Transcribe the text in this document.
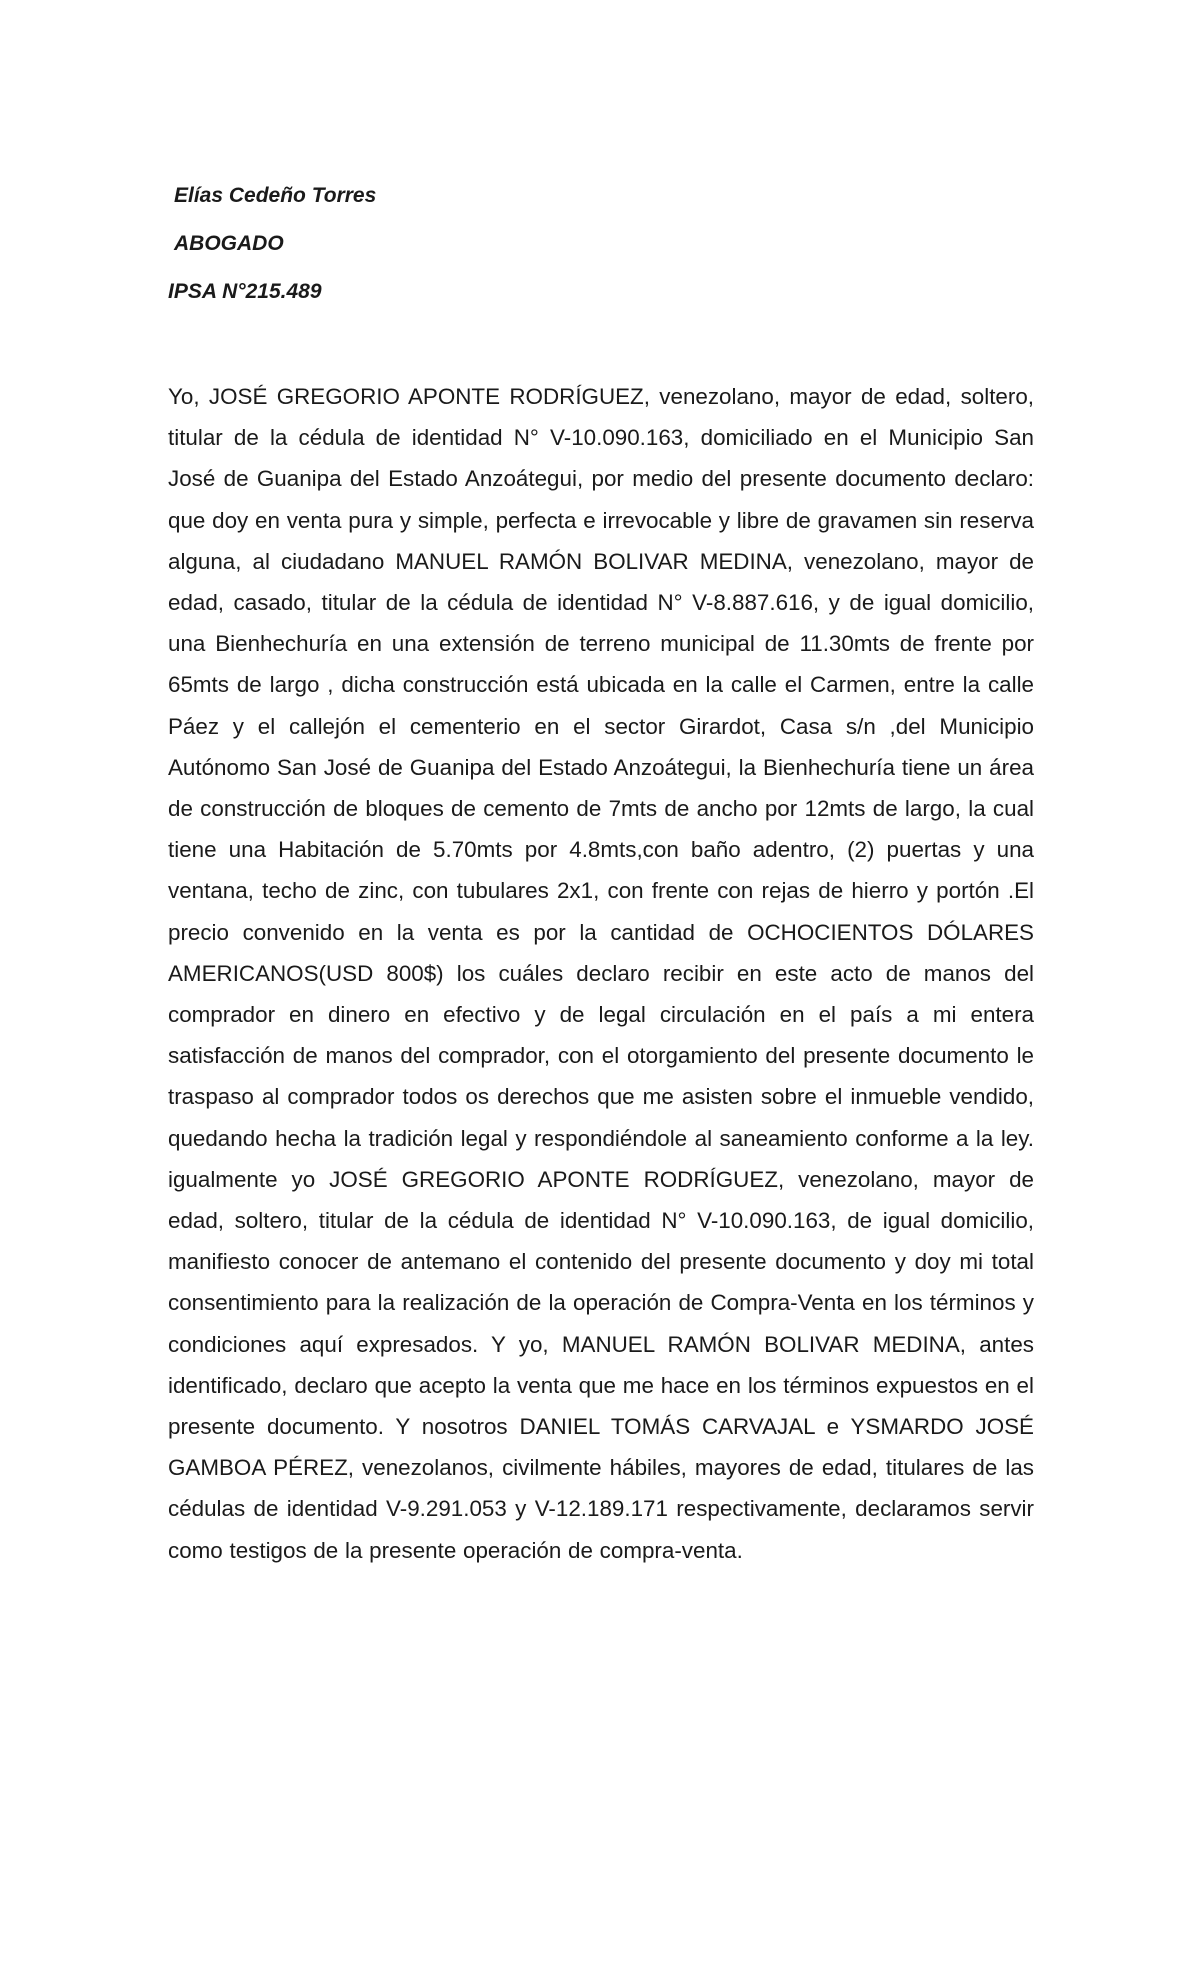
Elías Cedeño Torres

ABOGADO

IPSA N°215.489

Yo, JOSÉ GREGORIO APONTE RODRÍGUEZ, venezolano, mayor de edad, soltero, titular de la cédula de identidad N° V-10.090.163, domiciliado en el Municipio San José de Guanipa del Estado Anzoátegui, por medio del presente documento declaro: que doy en venta pura y simple, perfecta e irrevocable y libre de gravamen sin reserva alguna, al ciudadano MANUEL RAMÓN BOLIVAR MEDINA, venezolano, mayor de edad, casado, titular de la cédula de identidad N° V-8.887.616, y de igual domicilio, una Bienhechuría en una extensión de terreno municipal de 11.30mts de frente por 65mts de largo , dicha construcción está ubicada en la calle el Carmen, entre la calle Páez y el callejón el cementerio en el sector Girardot, Casa s/n ,del Municipio Autónomo San José de Guanipa del Estado Anzoátegui, la Bienhechuría tiene un área de construcción de bloques de cemento de 7mts de ancho por 12mts de largo, la cual tiene una Habitación de 5.70mts por 4.8mts,con baño adentro, (2) puertas y una ventana, techo de zinc, con tubulares 2x1, con frente con rejas de hierro y portón .El precio convenido en la venta es por la cantidad de OCHOCIENTOS DÓLARES AMERICANOS(USD 800$) los cuáles declaro recibir en este acto de manos del comprador en dinero en efectivo y de legal circulación en el país a mi entera satisfacción de manos del comprador, con el otorgamiento del presente documento le traspaso al comprador todos os derechos que me asisten sobre el inmueble vendido, quedando hecha la tradición legal y respondiéndole al saneamiento conforme a la ley. igualmente yo JOSÉ GREGORIO APONTE RODRÍGUEZ, venezolano, mayor de edad, soltero, titular de la cédula de identidad N° V-10.090.163, de igual domicilio, manifiesto conocer de antemano el contenido del presente documento y doy mi total consentimiento para la realización de la operación de Compra-Venta en los términos y condiciones aquí expresados. Y yo, MANUEL RAMÓN BOLIVAR MEDINA, antes identificado, declaro que acepto la venta que me hace en los términos expuestos en el presente documento. Y nosotros DANIEL TOMÁS CARVAJAL e YSMARDO JOSÉ GAMBOA PÉREZ, venezolanos, civilmente hábiles, mayores de edad, titulares de las cédulas de identidad V-9.291.053 y V-12.189.171 respectivamente, declaramos servir como testigos de la presente operación de compra-venta.
